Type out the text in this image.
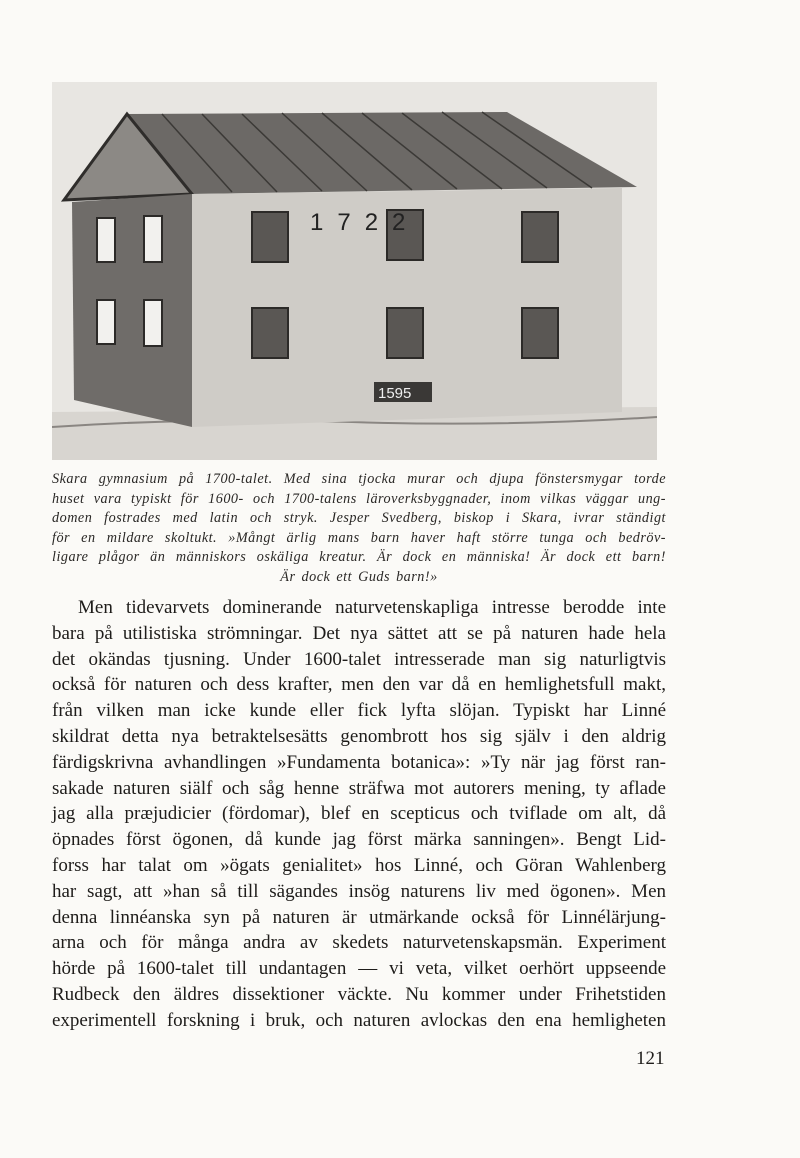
1722
1595
Skara gymnasium på 1700-talet. Med sina tjocka murar och djupa fönstersmygar torde
huset vara typiskt för 1600- och 1700-talens läroverksbyggnader, inom vilkas väggar ung-
domen fostrades med latin och stryk. Jesper Svedberg, biskop i Skara, ivrar ständigt
för en mildare skoltukt. »Mångt ärlig mans barn haver haft större tunga och bedröv-
ligare plågor än människors oskäliga kreatur. Är dock en människa! Är dock ett barn!
Är dock ett Guds barn!»
Men tidevarvets dominerande naturvetenskapliga intresse berodde inte
bara på utilistiska strömningar. Det nya sättet att se på naturen hade hela
det okändas tjusning. Under 1600-talet intresserade man sig naturligtvis
också för naturen och dess krafter, men den var då en hemlighetsfull makt,
från vilken man icke kunde eller fick lyfta slöjan. Typiskt har Linné
skildrat detta nya betraktelsesätts genombrott hos sig själv i den aldrig
färdigskrivna avhandlingen »Fundamenta botanica»: »Ty när jag först ran-
sakade naturen siälf och såg henne sträfwa mot autorers mening, ty aflade
jag alla præjudicier (fördomar), blef en scepticus och tviflade om alt, då
öpnades först ögonen, då kunde jag först märka sanningen». Bengt Lid-
forss har talat om »ögats genialitet» hos Linné, och Göran Wahlenberg
har sagt, att »han så till sägandes insög naturens liv med ögonen». Men
denna linnéanska syn på naturen är utmärkande också för Linnélärjung-
arna och för många andra av skedets naturvetenskapsmän. Experiment
hörde på 1600-talet till undantagen — vi veta, vilket oerhört uppseende
Rudbeck den äldres dissektioner väckte. Nu kommer under Frihetstiden
experimentell forskning i bruk, och naturen avlockas den ena hemligheten
121
